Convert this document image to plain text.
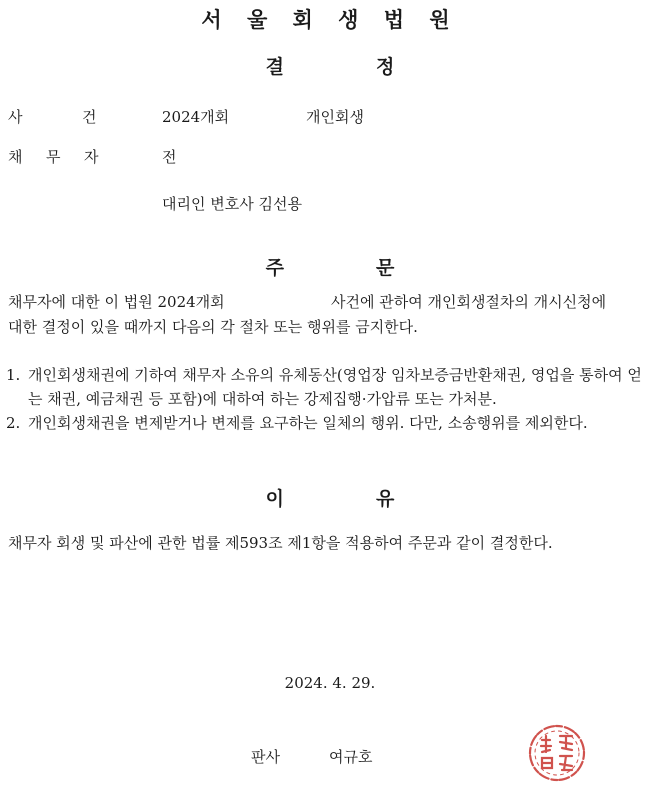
서 울 회 생 법 원
결	정
사	건	2024개회	개인회생
채 무 자	전
대리인 변호사 김선용
주	문
채무자에 대한 이 법원 2024개회	사건에 관하여 개인회생절차의 개시신청에
대한 결정이 있을 때까지 다음의 각 절차 또는 행위를 금지한다.
1. 개인회생채권에 기하여 채무자 소유의 유체동산(영업장 임차보증금반환채권, 영업을 통하여 얻는 채권, 예금채권 등 포함)에 대하여 하는 강제집행·가압류 또는 가처분.
2. 개인회생채권을 변제받거나 변제를 요구하는 일체의 행위. 다만, 소송행위를 제외한다.
이	유
채무자 회생 및 파산에 관한 법률 제593조 제1항을 적용하여 주문과 같이 결정한다.
2024. 4. 29.
판사	여규호
